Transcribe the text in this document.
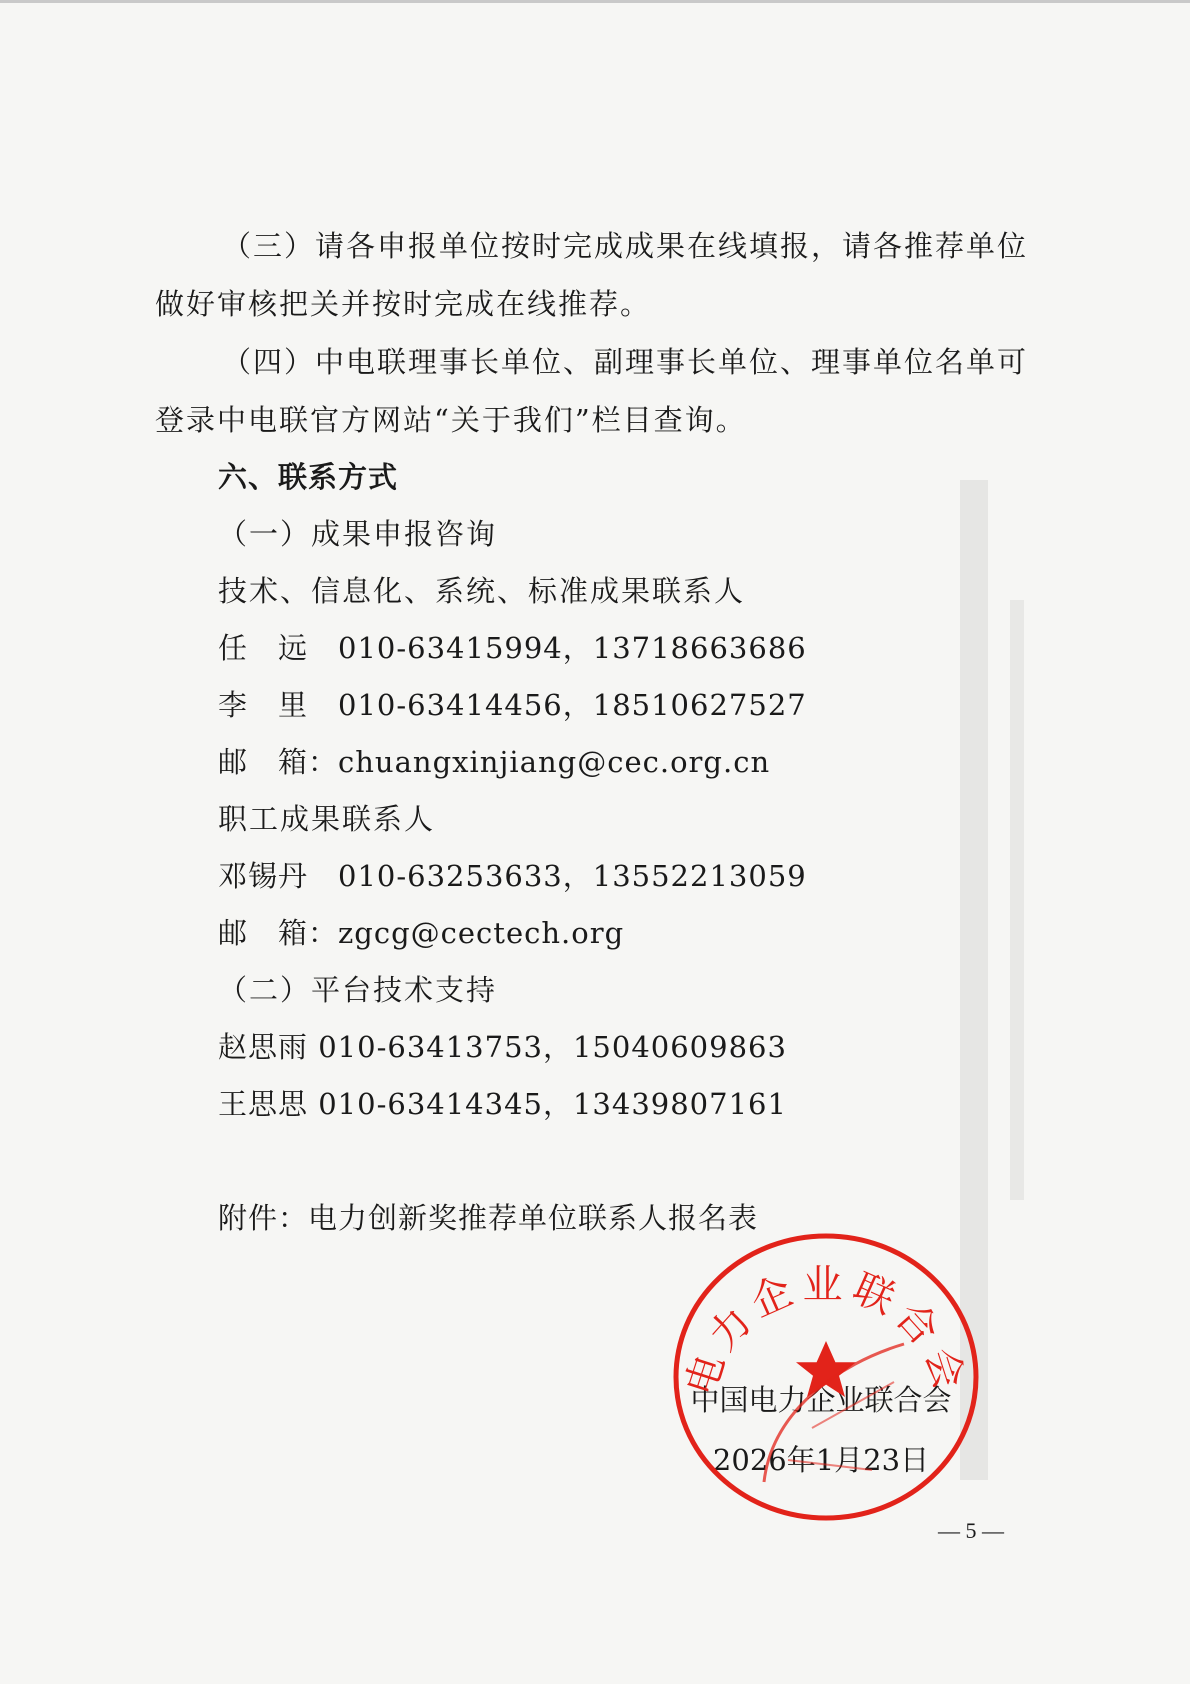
（三）请各申报单位按时完成成果在线填报，请各推荐单位
做好审核把关并按时完成在线推荐。
（四）中电联理事长单位、副理事长单位、理事单位名单可
登录中电联官方网站“关于我们”栏目查询。
六、联系方式
（一）成果申报咨询
技术、信息化、系统、标准成果联系人
任　远　010-63415994，13718663686
李　里　010-63414456，18510627527
邮　箱：chuangxinjiang@cec.org.cn
职工成果联系人
邓锡丹　010-63253633，13552213059
邮　箱：zgcg@cectech.org
（二）平台技术支持
赵思雨 010-63413753，15040609863
王思思 010-63414345，13439807161
附件：电力创新奖推荐单位联系人报名表
中国电力企业联合会
2026年1月23日
电力企业联合会
— 5 —
